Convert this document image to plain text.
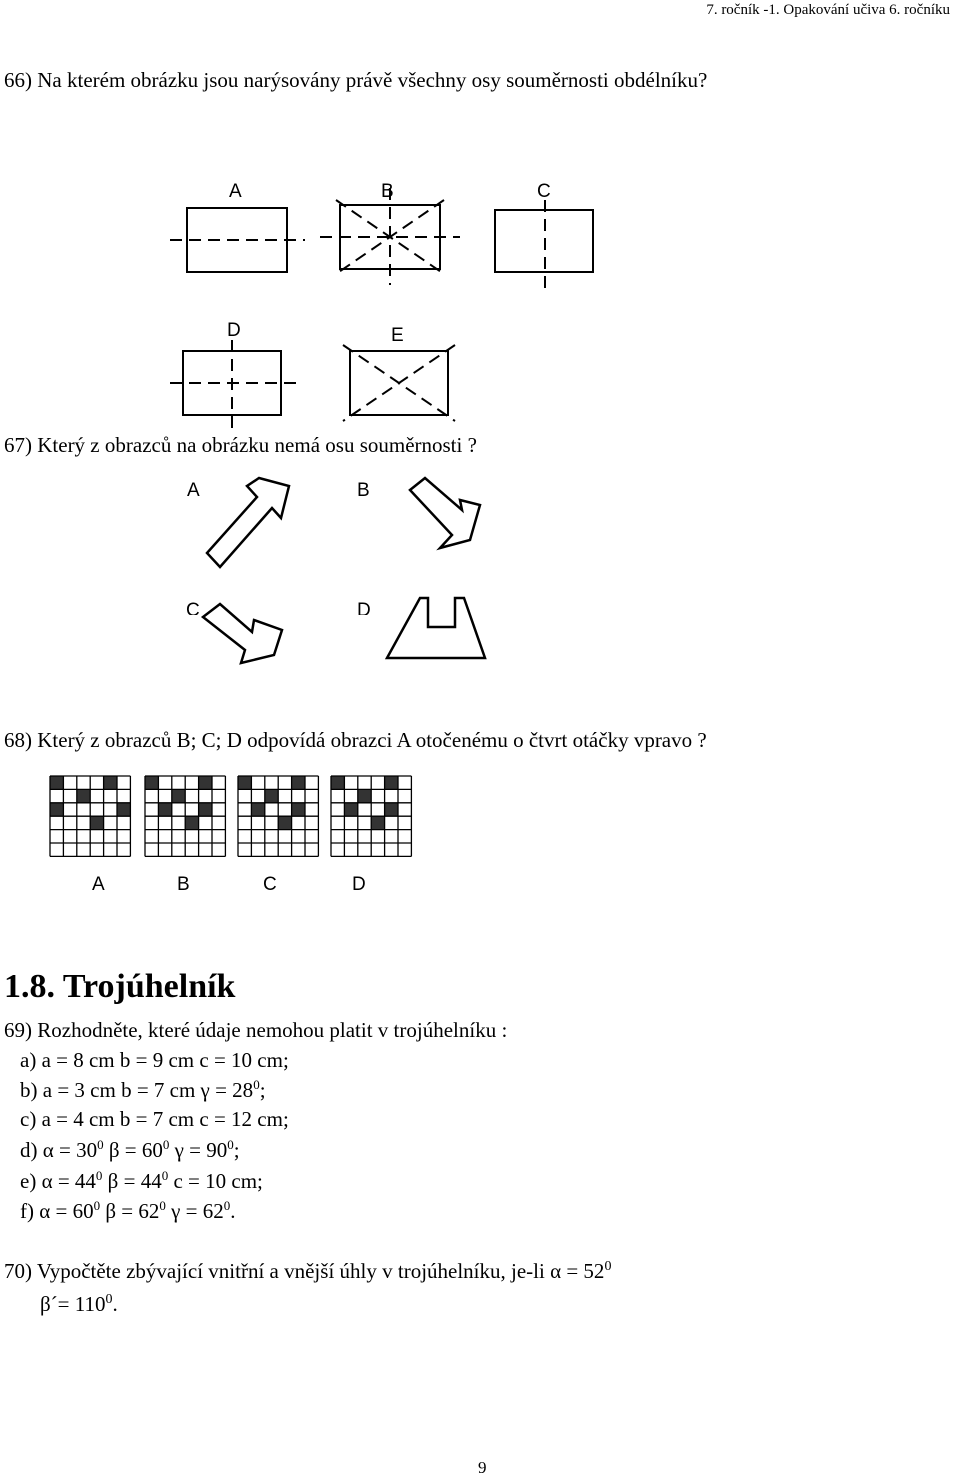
7. ročník -1. Opakování učiva 6. ročníku
66) Na kterém obrázku jsou narýsovány právě všechny osy souměrnosti obdélníku?
A	B	C
D	E
67) Který z obrazců na obrázku nemá osu souměrnosti ?
A	B
C	D
68) Který z obrazců B; C; D odpovídá obrazci A otočenému o čtvrt otáčky vpravo ?
A	B	C	D
1.8. Trojúhelník
69) Rozhodněte, které údaje nemohou platit v trojúhelníku :
a) a = 8 cm b = 9 cm c = 10 cm;
b) a = 3 cm b = 7 cm $\gamma = 28^0$;
c) a = 4 cm b = 7 cm c = 12 cm;
d) $\alpha = 30^0$ $\beta = 60^0$ $\gamma = 90^0$;
e) $\alpha = 44^0$ $\beta = 44^0$ c = 10 cm;
f) $\alpha = 60^0$ $\beta = 62^0$ $\gamma = 62^0$.
70) Vypočtěte zbývající vnitřní a vnější úhly v trojúhelníku, je-li $\alpha = 52^0$
β´= $110^0$.
9
